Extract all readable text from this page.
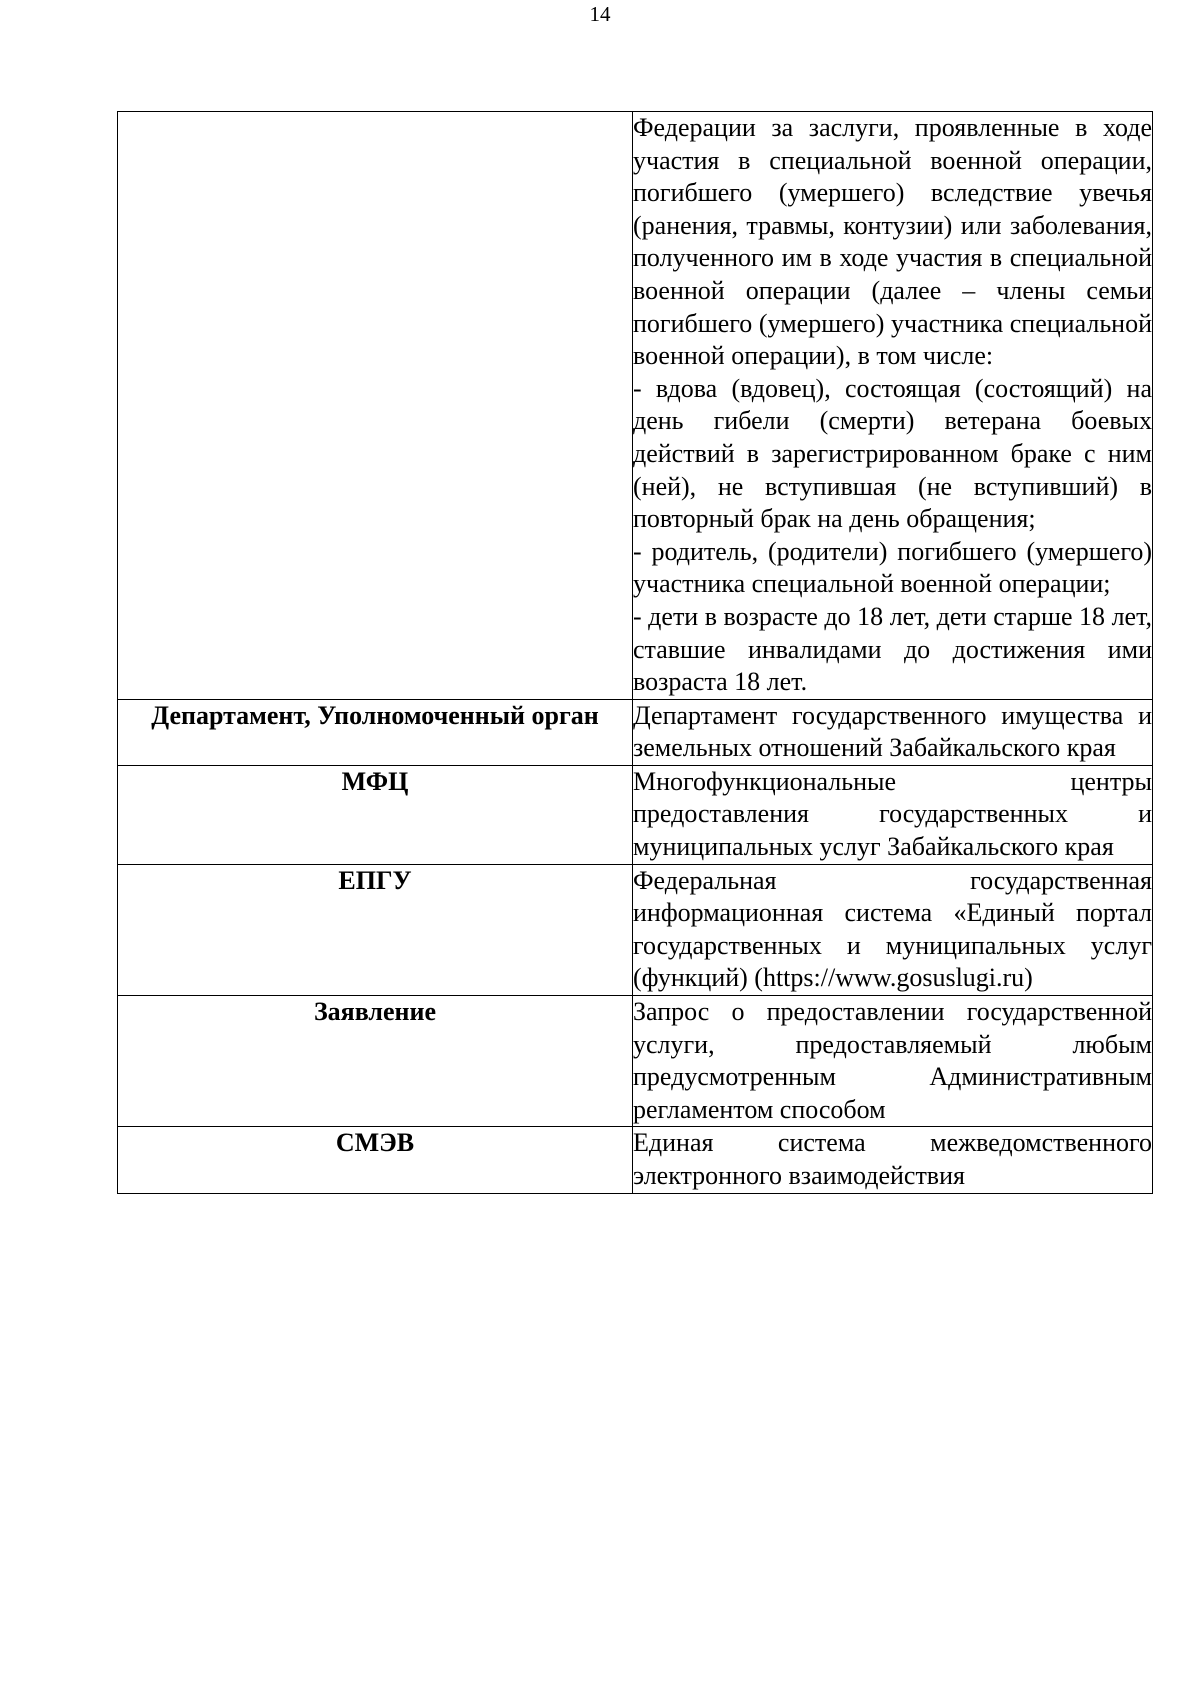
14

	Федерации за заслуги, проявленные в ходе участия в специальной военной операции, погибшего (умершего) вследствие увечья (ранения, травмы, контузии) или заболевания, полученного им в ходе участия в специальной военной операции (далее – члены семьи погибшего (умершего) участника специальной военной операции), в том числе:
- вдова (вдовец), состоящая (состоящий) на день гибели (смерти) ветерана боевых действий в зарегистрированном браке с ним (ней), не вступившая (не вступивший) в повторный брак на день обращения;
- родитель, (родители) погибшего (умершего) участника специальной военной операции;
- дети в возрасте до 18 лет, дети старше 18 лет, ставшие инвалидами до достижения ими возраста 18 лет.

Департамент, Уполномоченный орган	Департамент государственного имущества и земельных отношений Забайкальского края

МФЦ	Многофункциональные центры предоставления государственных и муниципальных услуг Забайкальского края

ЕПГУ	Федеральная государственная информационная система «Единый портал государственных и муниципальных услуг (функций) (https://www.gosuslugi.ru)

Заявление	Запрос о предоставлении государственной услуги, предоставляемый любым предусмотренным Административным регламентом способом

СМЭВ	Единая система межведомственного электронного взаимодействия
